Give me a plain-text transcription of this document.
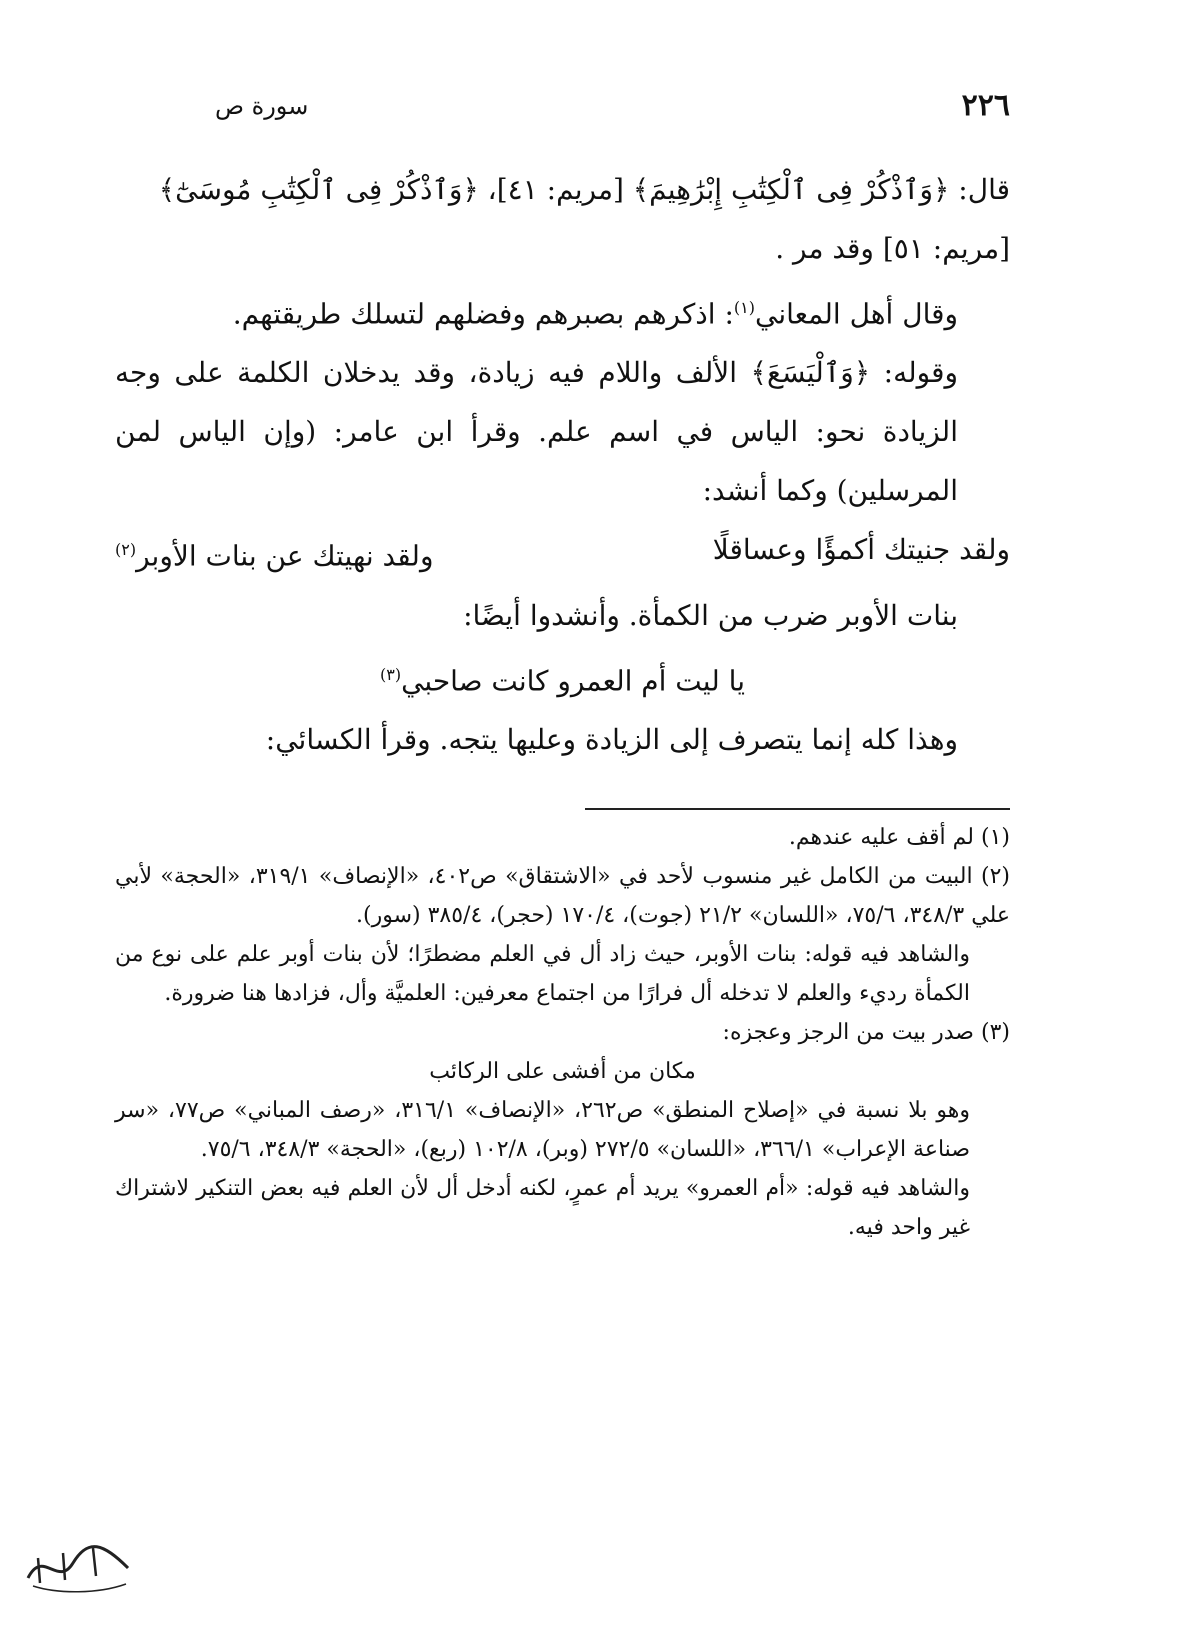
٢٢٦
سورة ص

قال: ﴿وَٱذْكُرْ فِى ٱلْكِتَٰبِ إِبْرَٰهِيمَ﴾ [مريم: ٤١]، ﴿وَٱذْكُرْ فِى ٱلْكِتَٰبِ مُوسَىٰٓ﴾

[مريم: ٥١] وقد مر .

وقال أهل المعاني$^{(١)}$: اذكرهم بصبرهم وفضلهم لتسلك طريقتهم.

وقوله: ﴿وَٱلْيَسَعَ﴾ الألف واللام فيه زيادة، وقد يدخلان الكلمة على وجه الزيادة نحو: الياس في اسم علم. وقرأ ابن عامر: (وإن الياس لمن المرسلين) وكما أنشد:

ولقد جنيتك أكمؤًا وعساقلًا
ولقد نهيتك عن بنات الأوبر$^{(٢)}$

بنات الأوبر ضرب من الكمأة. وأنشدوا أيضًا:

يا ليت أم العمرو كانت صاحبي$^{(٣)}$

وهذا كله إنما يتصرف إلى الزيادة وعليها يتجه. وقرأ الكسائي:

(١) لم أقف عليه عندهم.

(٢) البيت من الكامل غير منسوب لأحد في «الاشتقاق» ص٤٠٢، «الإنصاف» ٣١٩/١، «الحجة» لأبي علي ٣٤٨/٣، ٧٥/٦، «اللسان» ٢١/٢ (جوت)، ١٧٠/٤ (حجر)، ٣٨٥/٤ (سور).

والشاهد فيه قوله: بنات الأوبر، حيث زاد أل في العلم مضطرًا؛ لأن بنات أوبر علم على نوع من الكمأة رديء والعلم لا تدخله أل فرارًا من اجتماع معرفين: العلميَّة وأل، فزادها هنا ضرورة.

(٣) صدر بيت من الرجز وعجزه:

مكان من أفشى على الركائب

وهو بلا نسبة في «إصلاح المنطق» ص٢٦٢، «الإنصاف» ٣١٦/١، «رصف المباني» ص٧٧، «سر صناعة الإعراب» ٣٦٦/١، «اللسان» ٢٧٢/٥ (وبر)، ١٠٢/٨ (ربع)، «الحجة» ٣٤٨/٣، ٧٥/٦.

والشاهد فيه قوله: «أم العمرو» يريد أم عمرٍ، لكنه أدخل أل لأن العلم فيه بعض التنكير لاشتراك غير واحد فيه.
